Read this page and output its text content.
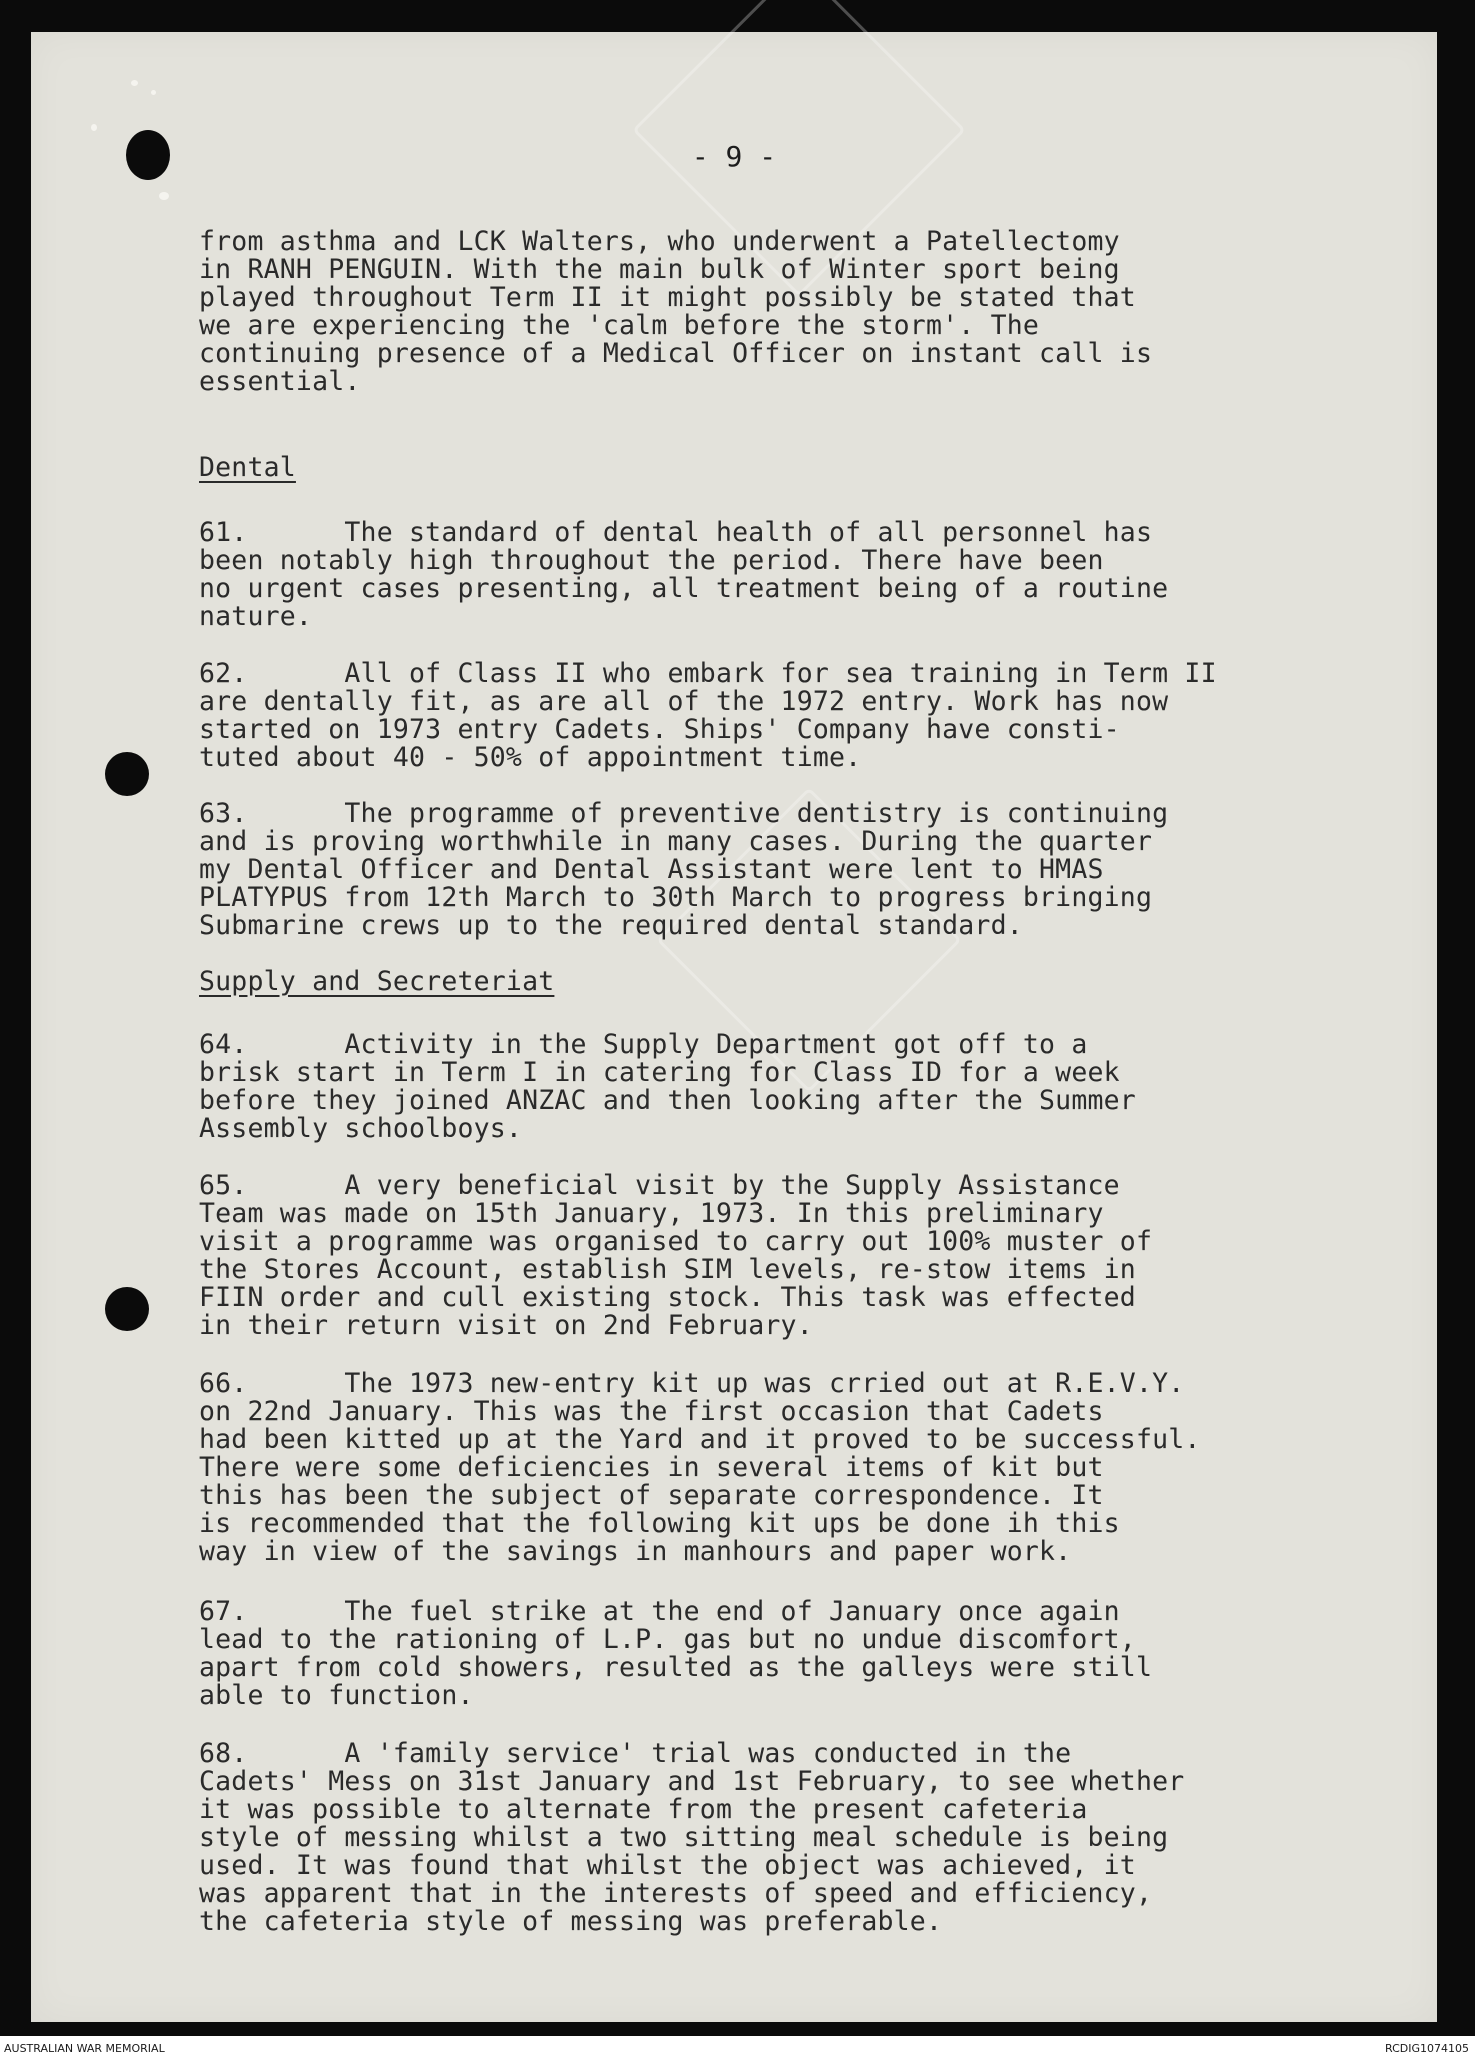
- 9 -

from asthma and LCK Walters, who underwent a Patellectomy
in RANH PENGUIN. With the main bulk of Winter sport being
played throughout Term II it might possibly be stated that
we are experiencing the 'calm before the storm'. The
continuing presence of a Medical Officer on instant call is
essential.

Dental

61.      The standard of dental health of all personnel has
been notably high throughout the period. There have been
no urgent cases presenting, all treatment being of a routine
nature.

62.      All of Class II who embark for sea training in Term II
are dentally fit, as are all of the 1972 entry. Work has now
started on 1973 entry Cadets. Ships' Company have consti-
tuted about 40 - 50% of appointment time.

63.      The programme of preventive dentistry is continuing
and is proving worthwhile in many cases. During the quarter
my Dental Officer and Dental Assistant were lent to HMAS
PLATYPUS from 12th March to 30th March to progress bringing
Submarine crews up to the required dental standard.

Supply and Secreteriat

64.      Activity in the Supply Department got off to a
brisk start in Term I in catering for Class ID for a week
before they joined ANZAC and then looking after the Summer
Assembly schoolboys.

65.      A very beneficial visit by the Supply Assistance
Team was made on 15th January, 1973. In this preliminary
visit a programme was organised to carry out 100% muster of
the Stores Account, establish SIM levels, re-stow items in
FIIN order and cull existing stock. This task was effected
in their return visit on 2nd February.

66.      The 1973 new-entry kit up was crried out at R.E.V.Y.
on 22nd January. This was the first occasion that Cadets
had been kitted up at the Yard and it proved to be successful.
There were some deficiencies in several items of kit but
this has been the subject of separate correspondence. It
is recommended that the following kit ups be done ih this
way in view of the savings in manhours and paper work.

67.      The fuel strike at the end of January once again
lead to the rationing of L.P. gas but no undue discomfort,
apart from cold showers, resulted as the galleys were still
able to function.

68.      A 'family service' trial was conducted in the
Cadets' Mess on 31st January and 1st February, to see whether
it was possible to alternate from the present cafeteria
style of messing whilst a two sitting meal schedule is being
used. It was found that whilst the object was achieved, it
was apparent that in the interests of speed and efficiency,
the cafeteria style of messing was preferable.

AUSTRALIAN WAR MEMORIAL	RCDIG1074105
